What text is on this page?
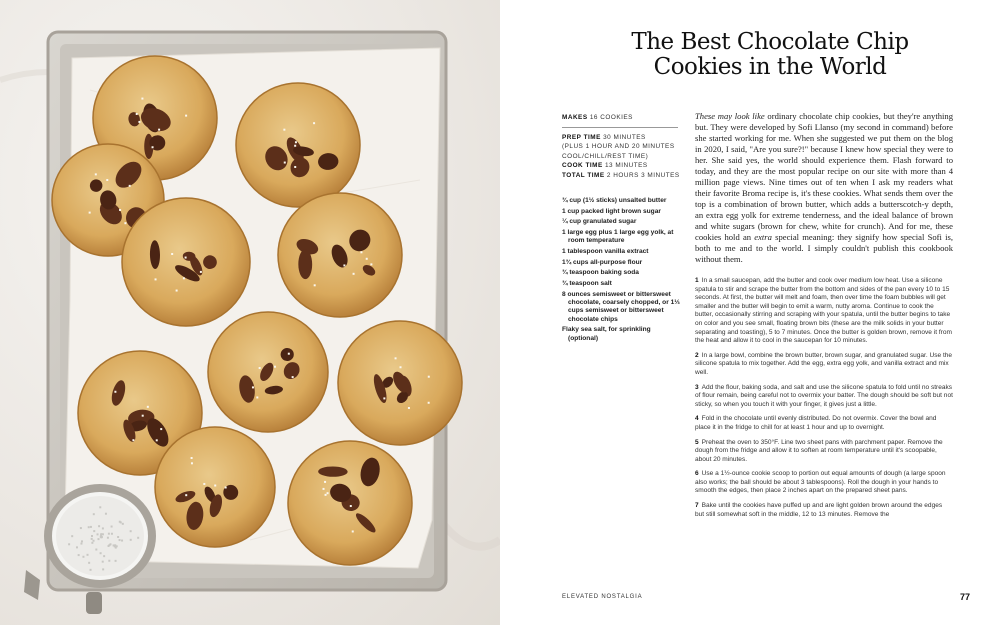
The Best Chocolate Chip
Cookies in the World
MAKES 16 COOKIES
PREP TIME 30 MINUTES
(PLUS 1 HOUR AND 20 MINUTES
COOL/CHILL/REST TIME)
COOK TIME 13 MINUTES
TOTAL TIME 2 HOURS 3 MINUTES
¾ cup (1½ sticks) unsalted butter
1 cup packed light brown sugar
¼ cup granulated sugar
1 large egg plus 1 large egg yolk, at room temperature
1 tablespoon vanilla extract
1¾ cups all-purpose flour
¾ teaspoon baking soda
¾ teaspoon salt
8 ounces semisweet or bittersweet chocolate, coarsely chopped, or 1⅓ cups semisweet or bittersweet chocolate chips
Flaky sea salt, for sprinkling (optional)

These may look like ordinary chocolate chip cookies, but they're anything but. They were developed by Sofi Llanso (my second in command) before she started working for me. When she suggested we put them on the blog in 2020, I said, "Are you sure?!" because I knew how special they were to her. She said yes, the world should experience them. Flash forward to today, and they are the most popular recipe on our site with more than 4 million page views. Nine times out of ten when I ask my readers what their favorite Broma recipe is, it's these cookies. What sends them over the top is a combination of brown butter, which adds a butterscotch-y depth, an extra egg yolk for extreme tenderness, and the ideal balance of brown and white sugars (brown for chew, white for crunch). And for me, these cookies hold an extra special meaning: they signify how special Sofi is, both to me and to the world. I simply couldn't publish this cookbook without them.

1 In a small saucepan, add the butter and cook over medium low heat. Use a silicone spatula to stir and scrape the butter from the bottom and sides of the pan every 10 to 15 seconds. At first, the butter will melt and foam, then over time the foam bubbles will get smaller and the butter will begin to emit a warm, nutty aroma. Continue to cook the butter, occasionally stirring and scraping with your spatula, until the butter begins to take on color and you see small, floating brown bits (these are the milk solids in your butter separating and toasting), 5 to 7 minutes. Once the butter is golden brown, remove it from the heat and allow it to cool in the saucepan for 10 minutes.

2 In a large bowl, combine the brown butter, brown sugar, and granulated sugar. Use the silicone spatula to mix together. Add the egg, extra egg yolk, and vanilla extract and mix well.

3 Add the flour, baking soda, and salt and use the silicone spatula to fold until no streaks of flour remain, being careful not to overmix your batter. The dough should be soft but not sticky, so when you touch it with your finger, it gives just a little.

4 Fold in the chocolate until evenly distributed. Do not overmix. Cover the bowl and place it in the fridge to chill for at least 1 hour and up to overnight.

5 Preheat the oven to 350°F. Line two sheet pans with parchment paper. Remove the dough from the fridge and allow it to soften at room temperature until it's scoopable, about 20 minutes.

6 Use a 1½-ounce cookie scoop to portion out equal amounts of dough (a large spoon also works; the ball should be about 3 tablespoons). Roll the dough in your hands to smooth the edges, then place 2 inches apart on the prepared sheet pans.

7 Bake until the cookies have puffed up and are light golden brown around the edges but still somewhat soft in the middle, 12 to 13 minutes. Remove the

ELEVATED NOSTALGIA	77
